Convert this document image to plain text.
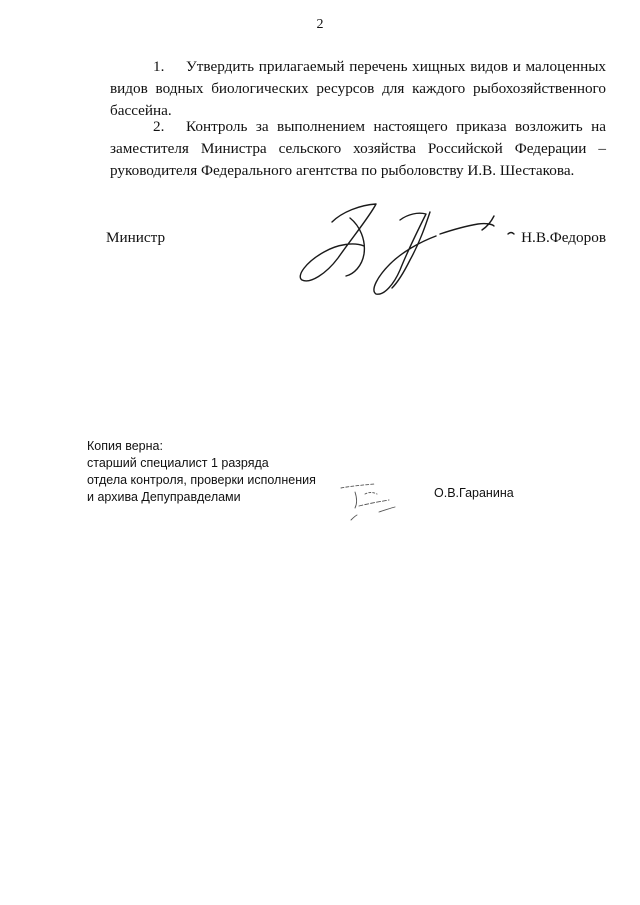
2

1. Утвердить прилагаемый перечень хищных видов и малоценных видов водных биологических ресурсов для каждого рыбохозяйственного бассейна.

2. Контроль за выполнением настоящего приказа возложить на заместителя Министра сельского хозяйства Российской Федерации – руководителя Федерального агентства по рыболовству И.В. Шестакова.

Министр	Н.В.Федоров
Копия верна:
старший специалист 1 разряда
отдела контроля, проверки исполнения
и архива Депуправделами	О.В.Гаранина
